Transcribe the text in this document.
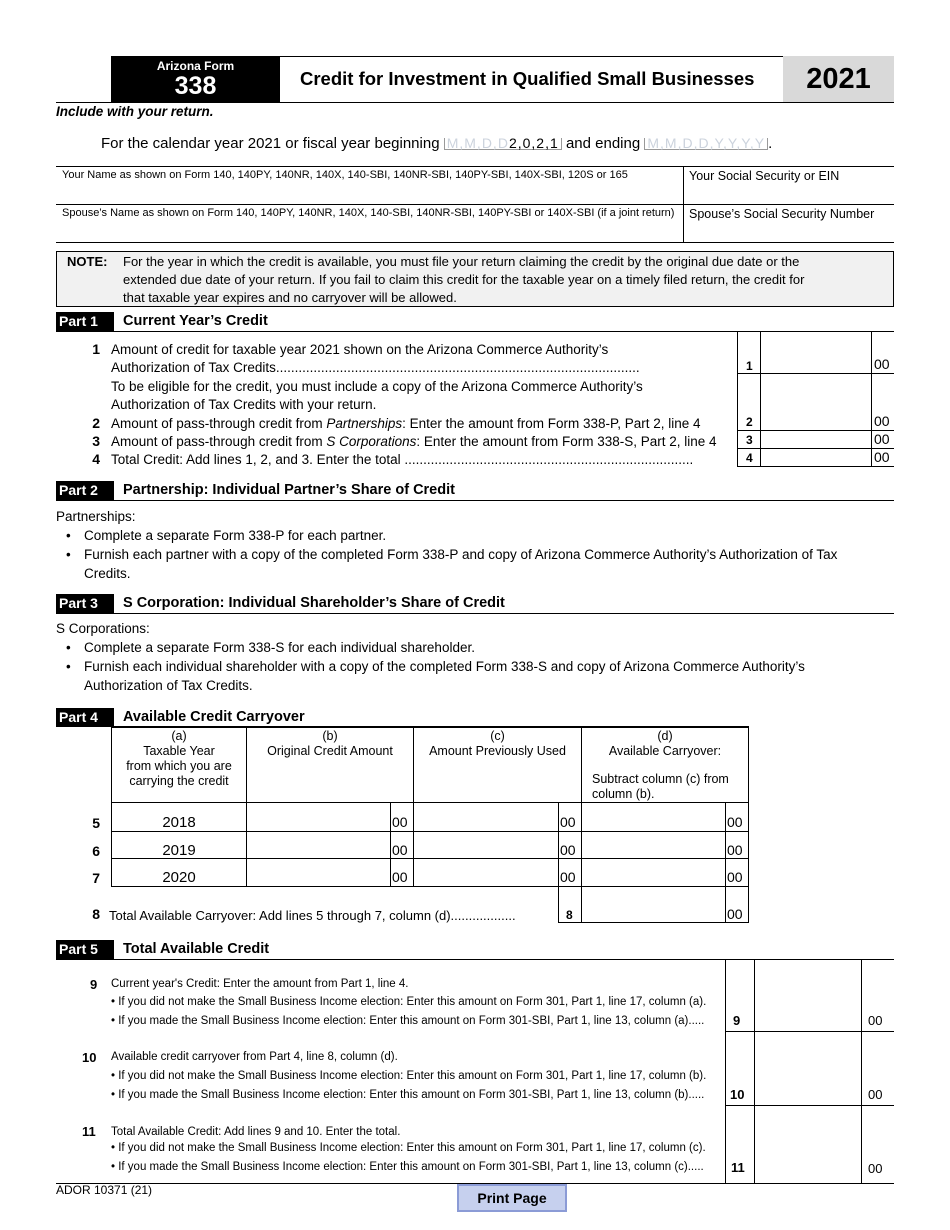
Arizona Form
338	Credit for Investment in Qualified Small Businesses	2021
Include with your return.
For the calendar year 2021 or fiscal year beginning M,M,D,D2,0,2,1 and ending M,M,D,D,Y,Y,Y,Y .
Your Name as shown on Form 140, 140PY, 140NR, 140X, 140-SBI, 140NR-SBI, 140PY-SBI, 140X-SBI, 120S or 165	Your Social Security or EIN
Spouse’s Name as shown on Form 140, 140PY, 140NR, 140X, 140-SBI, 140NR-SBI, 140PY-SBI or 140X-SBI (if a joint return) Spouse’s Social Security Number
NOTE: For the year in which the credit is available, you must file your return claiming the credit by the original due date or the
extended due date of your return. If you fail to claim this credit for the taxable year on a timely filed return, the credit for
that taxable year expires and no carryover will be allowed.
Part 1	Current Year’s Credit
1 Amount of credit for taxable year 2021 shown on the Arizona Commerce Authority’s
Authorization of Tax Credits.................................................................................................	1	00
To be eligible for the credit, you must include a copy of the Arizona Commerce Authority’s
Authorization of Tax Credits with your return.
2 Amount of pass-through credit from Partnerships: Enter the amount from Form 338-P, Part 2, line 4	2	00
3 Amount of pass-through credit from S Corporations: Enter the amount from Form 338-S, Part 2, line 4 3	00
4 Total Credit: Add lines 1, 2, and 3. Enter the total .............................................................................	4	00
Part 2	Partnership: Individual Partner’s Share of Credit
Partnerships:
• Complete a separate Form 338-P for each partner.
• Furnish each partner with a copy of the completed Form 338-P and copy of Arizona Commerce Authority’s Authorization of Tax Credits.
Part 3	S Corporation: Individual Shareholder’s Share of Credit
S Corporations:
• Complete a separate Form 338-S for each individual shareholder.
• Furnish each individual shareholder with a copy of the completed Form 338-S and copy of Arizona Commerce Authority’s Authorization of Tax Credits.
Part 4	Available Credit Carryover
(a)
Taxable Year
from which you are
carrying the credit
(b)
Original Credit Amount
(c)
Amount Previously Used
(d)
Available Carryover:
Subtract column (c) from
column (b).
5	2018	00	00	00
6	2019	00	00	00
7	2020	00	00	00
8 Total Available Carryover: Add lines 5 through 7, column (d)..................	8	00
Part 5	Total Available Credit
9 Current year's Credit: Enter the amount from Part 1, line 4.
• If you did not make the Small Business Income election: Enter this amount on Form 301, Part 1, line 17, column (a).
• If you made the Small Business Income election: Enter this amount on Form 301-SBI, Part 1, line 13, column (a)..... 9	00
10 Available credit carryover from Part 4, line 8, column (d).
• If you did not make the Small Business Income election: Enter this amount on Form 301, Part 1, line 17, column (b).
• If you made the Small Business Income election: Enter this amount on Form 301-SBI, Part 1, line 13, column (b)..... 10	00
11 Total Available Credit: Add lines 9 and 10. Enter the total.
• If you did not make the Small Business Income election: Enter this amount on Form 301, Part 1, line 17, column (c).
• If you made the Small Business Income election: Enter this amount on Form 301-SBI, Part 1, line 13, column (c)..... 11	00
ADOR 10371 (21)	Print Page
